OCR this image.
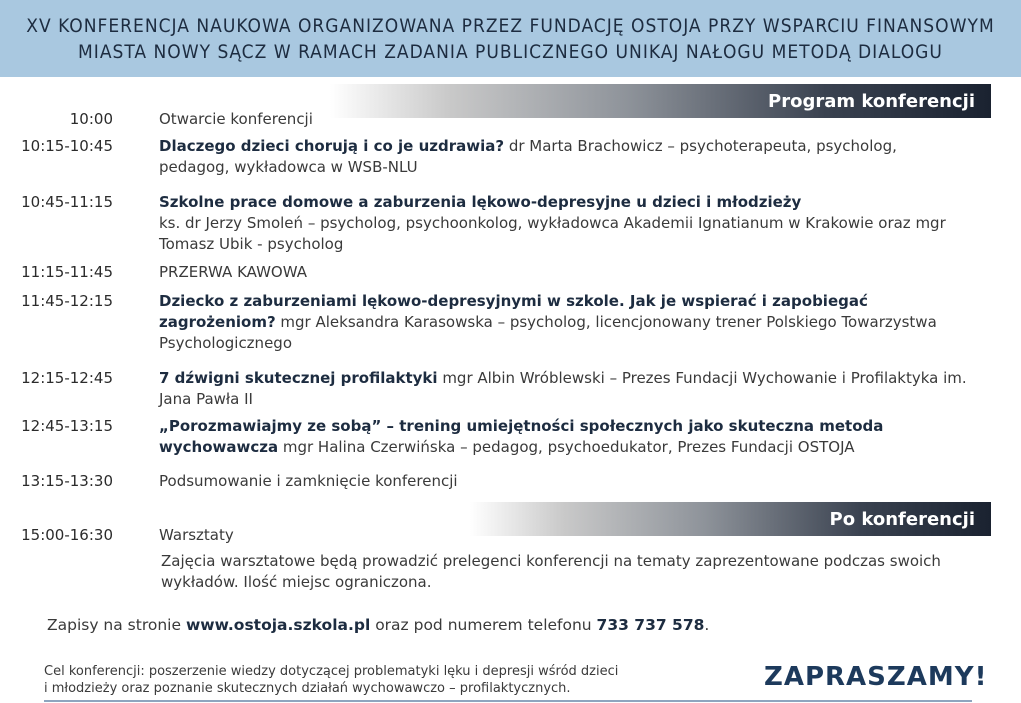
XV KONFERENCJA NAUKOWA ORGANIZOWANA PRZEZ FUNDACJĘ OSTOJA PRZY WSPARCIU FINANSOWYM
MIASTA NOWY SĄCZ W RAMACH ZADANIA PUBLICZNEGO UNIKAJ NAŁOGU METODĄ DIALOGU
Program konferencji
10:00	Otwarcie konferencji
10:15-10:45	Dlaczego dzieci chorują i co je uzdrawia? dr Marta Brachowicz – psychoterapeuta, psycholog, pedagog, wykładowca w WSB-NLU
10:45-11:15	Szkolne prace domowe a zaburzenia lękowo-depresyjne u dzieci i młodzieży
ks. dr Jerzy Smoleń – psycholog, psychoonkolog, wykładowca Akademii Ignatianum w Krakowie oraz mgr Tomasz Ubik - psycholog
11:15-11:45	PRZERWA KAWOWA
11:45-12:15	Dziecko z zaburzeniami lękowo-depresyjnymi w szkole. Jak je wspierać i zapobiegać zagrożeniom? mgr Aleksandra Karasowska – psycholog, licencjonowany trener Polskiego Towarzystwa Psychologicznego
12:15-12:45	7 dźwigni skutecznej profilaktyki mgr Albin Wróblewski – Prezes Fundacji Wychowanie i Profilaktyka im. Jana Pawła II
12:45-13:15	„Porozmawiajmy ze sobą” – trening umiejętności społecznych jako skuteczna metoda wychowawcza mgr Halina Czerwińska – pedagog, psychoedukator, Prezes Fundacji OSTOJA
13:15-13:30	Podsumowanie i zamknięcie konferencji
Po konferencji
15:00-16:30	Warsztaty
Zajęcia warsztatowe będą prowadzić prelegenci konferencji na tematy zaprezentowane podczas swoich wykładów. Ilość miejsc ograniczona.
Zapisy na stronie www.ostoja.szkola.pl oraz pod numerem telefonu 733 737 578.
Cel konferencji: poszerzenie wiedzy dotyczącej problematyki lęku i depresji wśród dzieci
i młodzieży oraz poznanie skutecznych działań wychowawczo – profilaktycznych.	ZAPRASZAMY!
